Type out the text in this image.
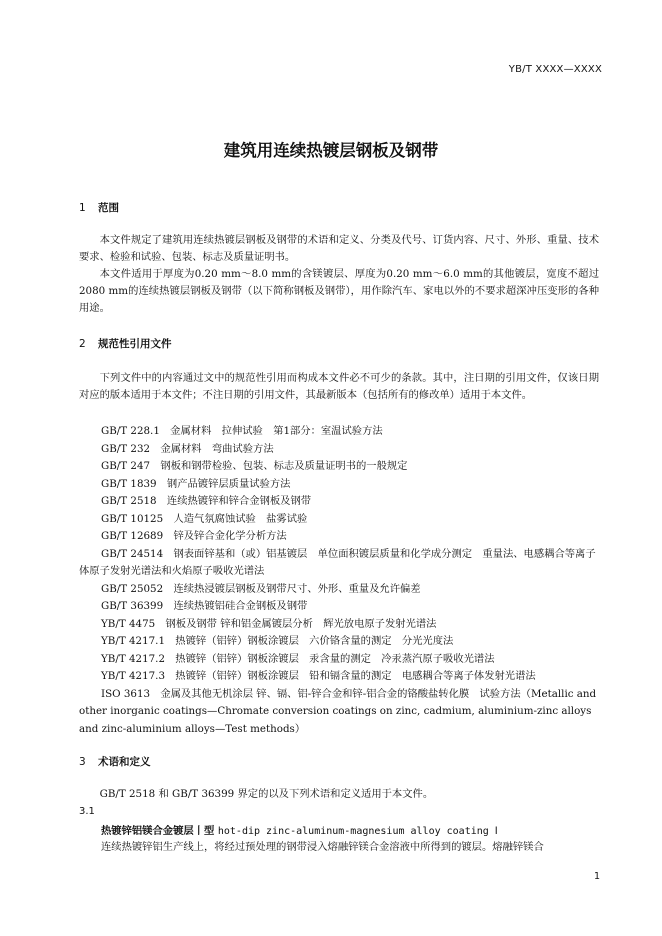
YB/T XXXX—XXXX
建筑用连续热镀层钢板及钢带
1 范围
本文件规定了建筑用连续热镀层钢板及钢带的术语和定义、分类及代号、订货内容、尺寸、外形、重量、技术要求、检验和试验、包装、标志及质量证明书。
本文件适用于厚度为0.20 mm～8.0 mm的含镁镀层、厚度为0.20 mm～6.0 mm的其他镀层，宽度不超过2080 mm的连续热镀层钢板及钢带（以下简称钢板及钢带），用作除汽车、家电以外的不要求超深冲压变形的各种用途。
2 规范性引用文件
下列文件中的内容通过文中的规范性引用而构成本文件必不可少的条款。其中，注日期的引用文件，仅该日期对应的版本适用于本文件；不注日期的引用文件，其最新版本（包括所有的修改单）适用于本文件。
GB/T 228.1　金属材料　拉伸试验　第1部分：室温试验方法
GB/T 232　金属材料　弯曲试验方法
GB/T 247　钢板和钢带检验、包装、标志及质量证明书的一般规定
GB/T 1839　钢产品镀锌层质量试验方法
GB/T 2518　连续热镀锌和锌合金钢板及钢带
GB/T 10125　人造气氛腐蚀试验　盐雾试验
GB/T 12689　锌及锌合金化学分析方法
GB/T 24514　钢表面锌基和（或）铝基镀层　单位面积镀层质量和化学成分测定　重量法、电感耦合等离子体原子发射光谱法和火焰原子吸收光谱法
GB/T 25052　连续热浸镀层钢板及钢带尺寸、外形、重量及允许偏差
GB/T 36399　连续热镀铝硅合金钢板及钢带
YB/T 4475　钢板及钢带 锌和铝金属镀层分析　辉光放电原子发射光谱法
YB/T 4217.1　热镀锌（铝锌）钢板涂镀层　六价铬含量的测定　分光光度法
YB/T 4217.2　热镀锌（铝锌）钢板涂镀层　汞含量的测定　冷汞蒸汽原子吸收光谱法
YB/T 4217.3　热镀锌（铝锌）钢板涂镀层　铅和镉含量的测定　电感耦合等离子体发射光谱法
ISO 3613　金属及其他无机涂层 锌、镉、铝-锌合金和锌-铝合金的铬酸盐转化膜　试验方法（Metallic and other inorganic coatings—Chromate conversion coatings on zinc, cadmium, aluminium-zinc alloys and zinc-aluminium alloys—Test methods）
3 术语和定义
GB/T 2518 和 GB/T 36399 界定的以及下列术语和定义适用于本文件。
3.1
热镀锌铝镁合金镀层丨型 hot-dip zinc-aluminum-magnesium alloy coating Ⅰ
连续热镀锌铝生产线上，将经过预处理的钢带浸入熔融锌镁合金溶液中所得到的镀层。熔融锌镁合
1
